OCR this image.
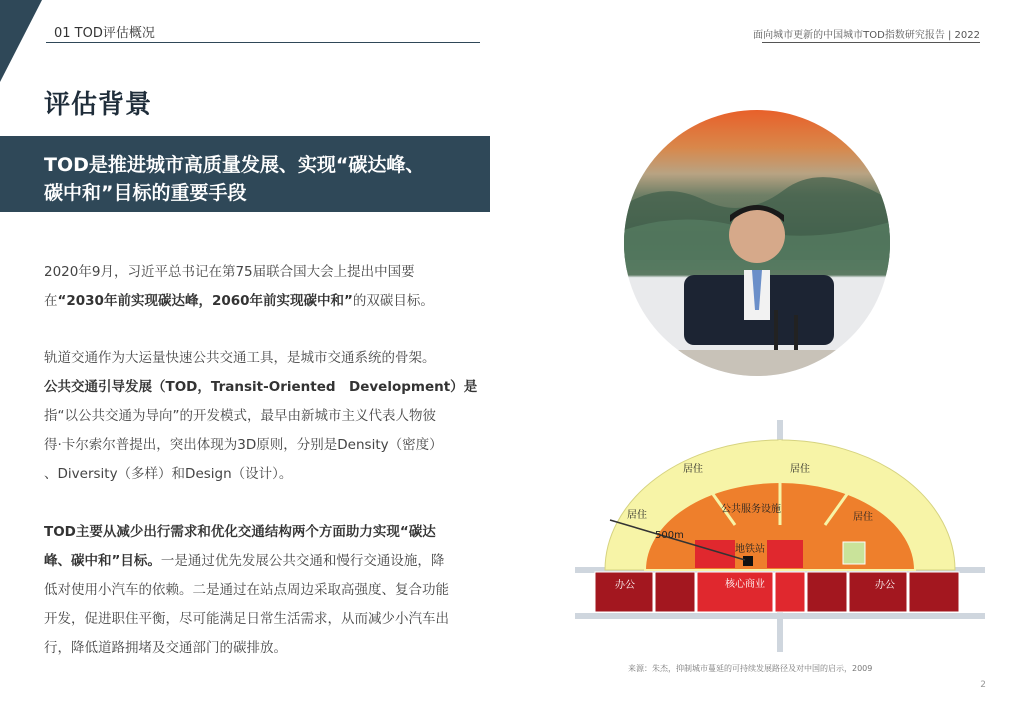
01 TOD评估概况	面向城市更新的中国城市TOD指数研究报告 | 2022
评估背景
TOD是推进城市高质量发展、实现“碳达峰、
碳中和”目标的重要手段
2020年9月，习近平总书记在第75届联合国大会上提出中国要
在“2030年前实现碳达峰，2060年前实现碳中和”的双碳目标。
轨道交通作为大运量快速公共交通工具，是城市交通系统的骨架。
公共交通引导发展（TOD，Transit-Oriented　Development）是
指“以公共交通为导向”的开发模式，最早由新城市主义代表人物彼
得·卡尔索尔普提出，突出体现为3D原则，分别是Density（密度）
、Diversity（多样）和Design（设计）。
TOD主要从减少出行需求和优化交通结构两个方面助力实现“碳达
峰、碳中和”目标。一是通过优先发展公共交通和慢行交通设施，降
低对使用小汽车的依赖。二是通过在站点周边采取高强度、复合功能
开发，促进职住平衡，尽可能满足日常生活需求，从而减少小汽车出
行，降低道路拥堵及交通部门的碳排放。
居住	居住
居住	居住
公共服务设施
500m
地铁站
核心商业
办公	办公
来源：朱杰，抑制城市蔓延的可持续发展路径及对中国的启示，2009
2
